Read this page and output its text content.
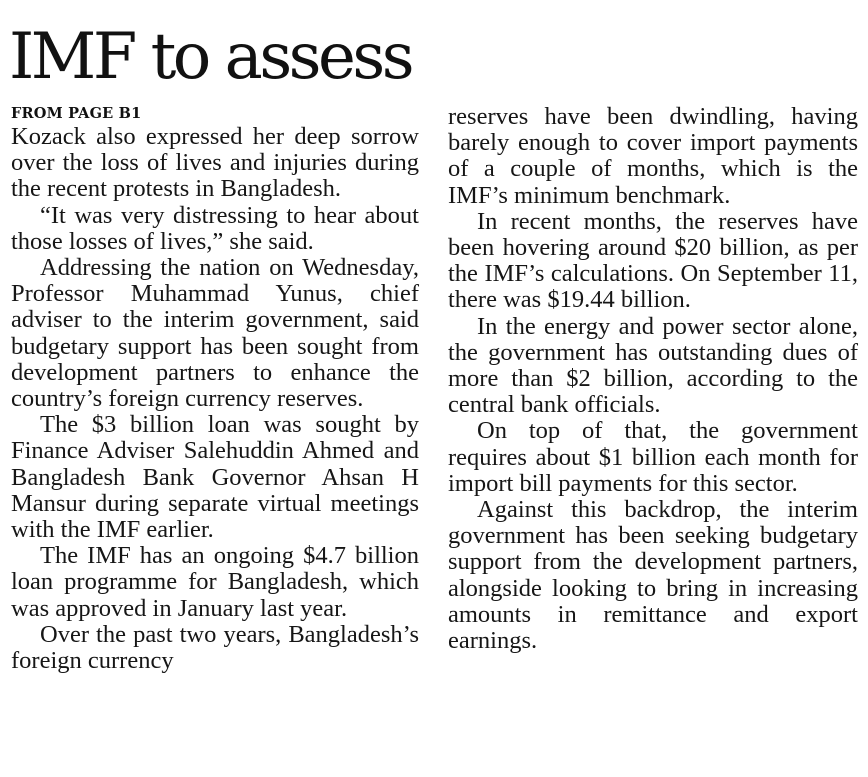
IMF to assess
FROM PAGE B1

Kozack also expressed her deep sorrow over the loss of lives and injuries during the recent protests in Bangladesh.

“It was very distressing to hear about those losses of lives,” she said.

Addressing the nation on Wednesday, Professor Muhammad Yunus, chief adviser to the interim government, said budgetary support has been sought from development partners to enhance the country’s foreign currency reserves.

The $3 billion loan was sought by Finance Adviser Salehuddin Ahmed and Bangladesh Bank Governor Ahsan H Mansur during separate virtual meetings with the IMF earlier.

The IMF has an ongoing $4.7 billion loan programme for Bangladesh, which was approved in January last year.

Over the past two years, Bangladesh’s foreign currency

reserves have been dwindling, having barely enough to cover import payments of a couple of months, which is the IMF’s minimum benchmark.

In recent months, the reserves have been hovering around $20 billion, as per the IMF’s calculations. On September 11, there was $19.44 billion.

In the energy and power sector alone, the government has outstanding dues of more than $2 billion, according to the central bank officials.

On top of that, the government requires about $1 billion each month for import bill payments for this sector.

Against this backdrop, the interim government has been seeking budgetary support from the development partners, alongside looking to bring in increasing amounts in remittance and export earnings.
